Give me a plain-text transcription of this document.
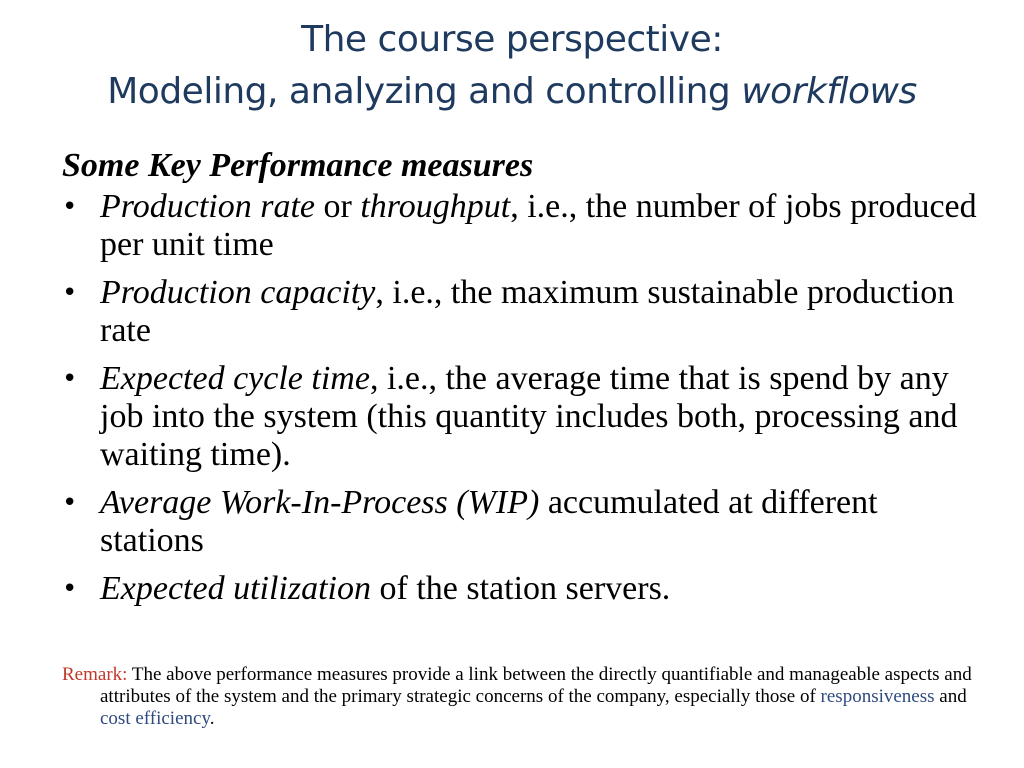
The course perspective:
Modeling, analyzing and controlling workflows
Some Key Performance measures
• Production rate or throughput, i.e., the number of jobs produced per unit time
• Production capacity, i.e., the maximum sustainable production rate
• Expected cycle time, i.e., the average time that is spend by any job into the system (this quantity includes both, processing and waiting time).
• Average Work-In-Process (WIP) accumulated at different stations
• Expected utilization of the station servers.
Remark: The above performance measures provide a link between the directly quantifiable and manageable aspects and attributes of the system and the primary strategic concerns of the company, especially those of responsiveness and cost efficiency.
